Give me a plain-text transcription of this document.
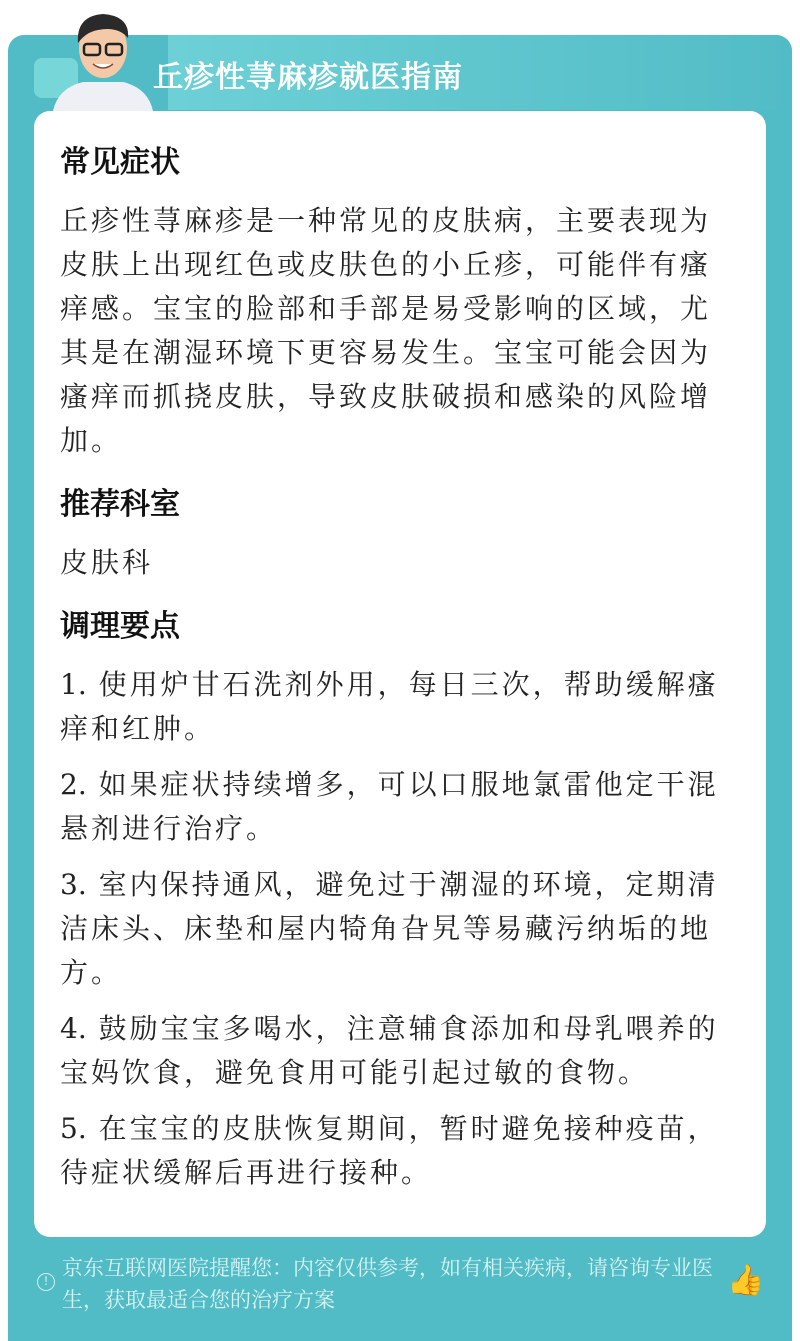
丘疹性荨麻疹就医指南
常见症状

丘疹性荨麻疹是一种常见的皮肤病，主要表现为皮肤上出现红色或皮肤色的小丘疹，可能伴有瘙痒感。宝宝的脸部和手部是易受影响的区域，尤其是在潮湿环境下更容易发生。宝宝可能会因为瘙痒而抓挠皮肤，导致皮肤破损和感染的风险增加。

推荐科室

皮肤科

调理要点

1. 使用炉甘石洗剂外用，每日三次，帮助缓解瘙痒和红肿。

2. 如果症状持续增多，可以口服地氯雷他定干混悬剂进行治疗。

3. 室内保持通风，避免过于潮湿的环境，定期清洁床头、床垫和屋内犄角旮旯等易藏污纳垢的地方。

4. 鼓励宝宝多喝水，注意辅食添加和母乳喂养的宝妈饮食，避免食用可能引起过敏的食物。

5. 在宝宝的皮肤恢复期间，暂时避免接种疫苗，待症状缓解后再进行接种。

!
京东互联网医院提醒您：内容仅供参考，如有相关疾病，请咨询专业医生，获取最适合您的治疗方案
👍
